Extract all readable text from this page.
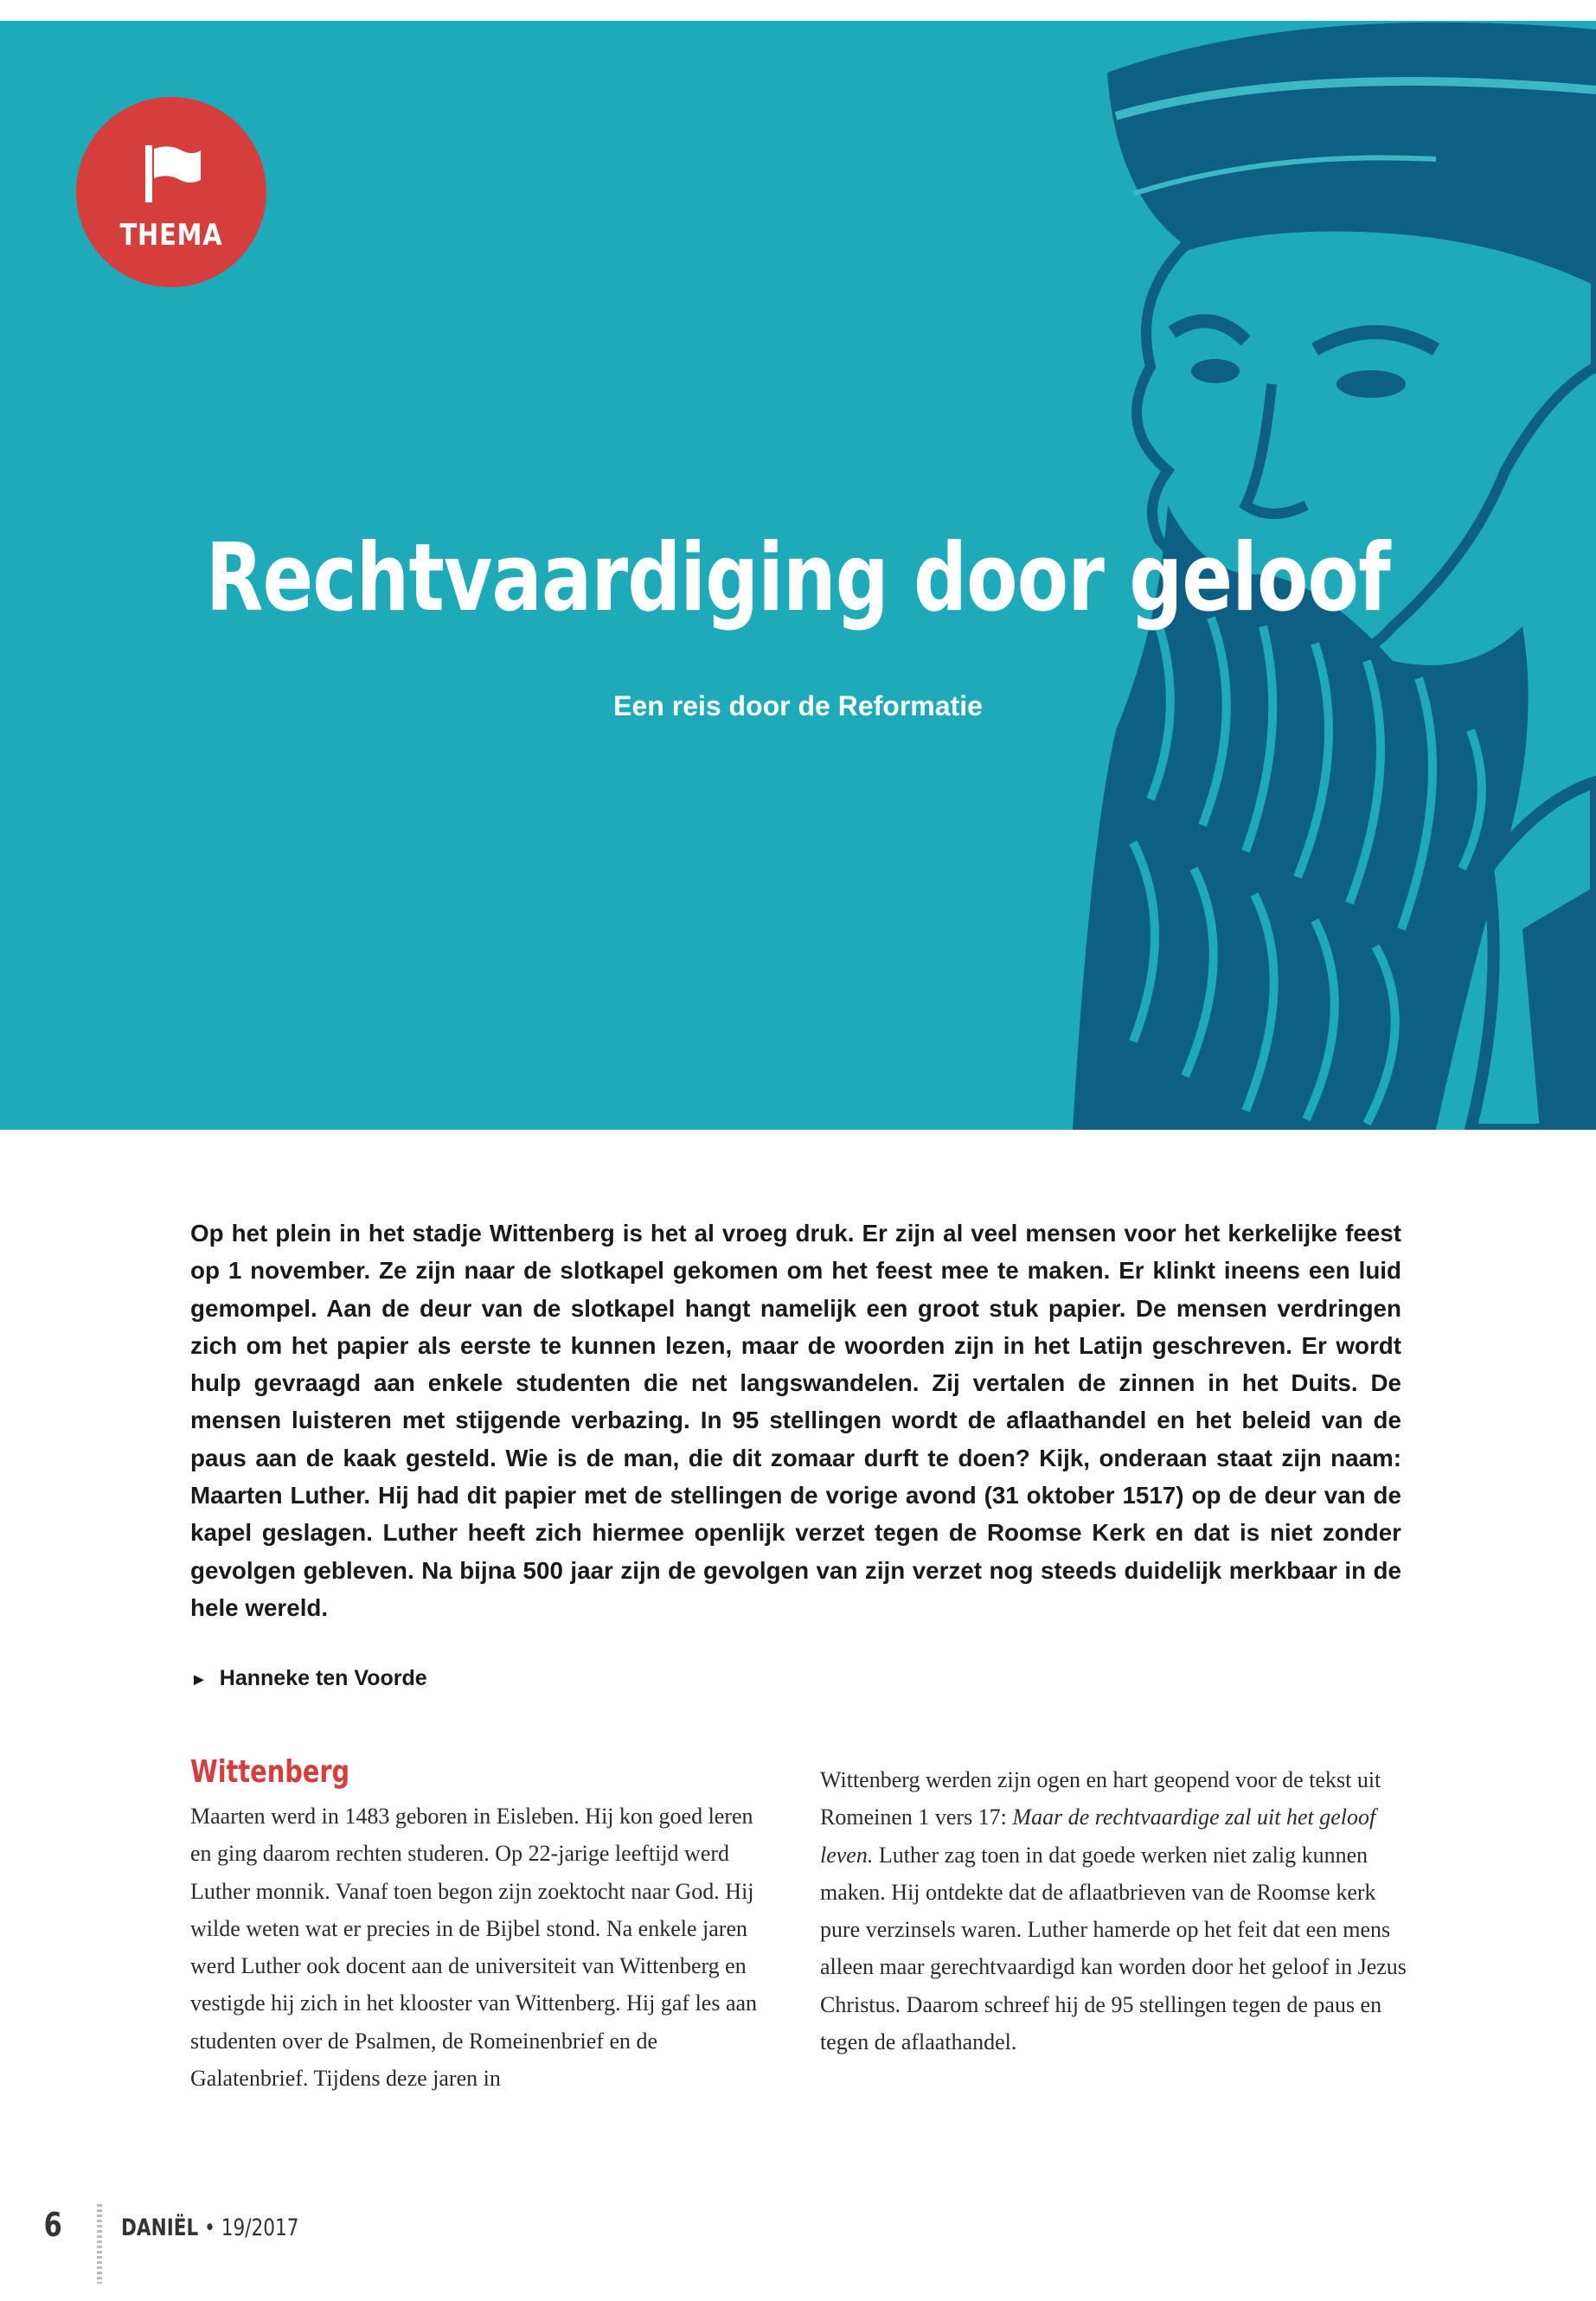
THEMA
Rechtvaardiging door geloof
Een reis door de Reformatie

Op het plein in het stadje Wittenberg is het al vroeg druk. Er zijn al veel mensen voor het kerkelijke feest op 1 november. Ze zijn naar de slotkapel gekomen om het feest mee te maken. Er klinkt ineens een luid gemompel. Aan de deur van de slotkapel hangt namelijk een groot stuk papier. De mensen verdringen zich om het papier als eerste te kunnen lezen, maar de woorden zijn in het Latijn geschreven. Er wordt hulp gevraagd aan enkele studenten die net langswandelen. Zij vertalen de zinnen in het Duits. De mensen luisteren met stijgende verbazing. In 95 stellingen wordt de aflaathandel en het beleid van de paus aan de kaak gesteld. Wie is de man, die dit zomaar durft te doen? Kijk, onderaan staat zijn naam: Maarten Luther. Hij had dit papier met de stellingen de vorige avond (31 oktober 1517) op de deur van de kapel geslagen. Luther heeft zich hiermee openlijk verzet tegen de Roomse Kerk en dat is niet zonder gevolgen gebleven. Na bijna 500 jaar zijn de gevolgen van zijn verzet nog steeds duidelijk merkbaar in de hele wereld.

► Hanneke ten Voorde
Wittenberg

Maarten werd in 1483 geboren in Eisleben. Hij kon goed leren en ging daarom rechten studeren. Op 22-jarige leeftijd werd Luther monnik. Vanaf toen begon zijn zoektocht naar God. Hij wilde weten wat er precies in de Bijbel stond. Na enkele jaren werd Luther ook docent aan de universiteit van Wittenberg en vestigde hij zich in het klooster van Wittenberg. Hij gaf les aan studenten over de Psalmen, de Romeinenbrief en de Galatenbrief. Tijdens deze jaren in

Wittenberg werden zijn ogen en hart geopend voor de tekst uit Romeinen 1 vers 17: Maar de rechtvaardige zal uit het geloof leven. Luther zag toen in dat goede werken niet zalig kunnen maken. Hij ontdekte dat de aflaatbrieven van de Roomse kerk pure verzinsels waren. Luther hamerde op het feit dat een mens alleen maar gerechtvaardigd kan worden door het geloof in Jezus Christus. Daarom schreef hij de 95 stellingen tegen de paus en tegen de aflaathandel.

6	DANIËL • 19/2017
